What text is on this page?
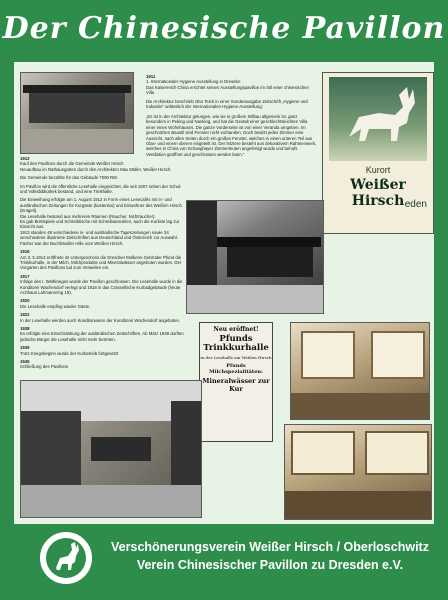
Der Chinesische Pavillon

1911
1. Internationaler Hygiene Ausstellung in Dresden
Das Kaiserreich China errichtet seinen Ausstellungspavillon im Stil einer chinesischen Villa

Die Architektur beschrieb Otto Teich in einer Sonderausgabe Zeitschrift „Hygiene und Industrie“ anlässlich der Internationalen Hygiene-Ausstellung:

„Es ist in der Architektur gelungen, wie sie in großem Stilbau allgemein ist, ganz besonders in Peking und Nanking, und hat die Gestalt einer geschlechtsleichten Villa einer eines Wohnhauses. Die ganze Vorderseite ist von einer Veranda umgeben. Im geschnitzten Baustil sind Fenster nicht vorhanden. Doch besitzt jedes Zimmer eine Aussicht, nach allen Seiten durch ein großes Fenster, welches in einen unteren Teil aus Glas- und einem oberen eingeteilt ist. Der letztere besteht aus dekorativem Rahmenwerk, welches in China von Schanghayer Zimmerleuten angefertigt wurde und behufs Ventilation geöffnet und geschlossen werden kann.“

Kurort
Weißer Hirsch eden

1912
Kauf des Pavillons durch die Gemeinde Weißer Hirsch
Neuaufbau im Rathausgarten durch den Architekten Max Müller, Weißer Hirsch

Die Gemeinde bezahlte für das Gebäude 7000 RM.

Im Pavillon wird die öffentliche Lesehalle eingerichtet, die seit 1907 neben der Schul- und Volksbibliothek bestand, und eine Trinkhalle.

Die Einweihung erfolgte am 1. August 1912 in Form eines Lesecafés mit in- und ausländischen Zeitungen für Kurgäste (kostenlos) und Einwohner des Weißen Hirsch (Entgelt).
Die Lesehalle bestand aus mehreren Räumen (Raucher, Nichtraucher).
Es gab Brettspiele und Schreibtische mit Schreibutensilien, auch die Kurliste lag zur Einsicht aus.
1913 standen 48 verschiedene in- und ausländische Tageszeitungen sowie 34 verschiedene illustrierte Zeitschriften aus Deutschland und Österreich zur Auswahl. Fächer war der Buchhändler Hille vom Weißen Hirsch.

1916
Am 3. 5.1913 eröffnete im Untergeschoss die Dresdner Molkerei Gebrüder Pfund die Trinkkurhalle, in der Milch, Milchprodukte und Mineralwässer angeboten wurden. Der Vorgarten des Pavillons lud zum Verweilen ein.

1917
Infolge des I. Weltkrieges wurde der Pavillon geschlossen. Die Lesehalle wurde in die Konditorei Wachendorf verlegt und 1918 in das Crassellsche Kurbadgebäude (heute Arzthaus Lahmannring 19).

1920
Die Lesehalle empfing wieder Gäste.

1922
In der Lesehalle werden auch Konditorwaren der Konditorei Wachendorf angeboten.

1938
Es erfolgte eine Einschränkung der ausländischen Zeitschriften. Ab März 1938 durften jüdische Bürger die Lesehalle nicht mehr betreten.

1939
Trotz Kriegsbeginn wurde der Kurbetrieb fortgesetzt

1945
Schließung des Pavillons

Neu eröffnet!
Pfunds Trinkkurhalle
in der Lesehalle am Weißen Hirsch
Pfunds Milchspezialitäten:
Mineralwässer zur Kur
Verschönerungsverein Weißer Hirsch / Oberloschwitz
Verein Chinesischer Pavillon zu Dresden e.V.
